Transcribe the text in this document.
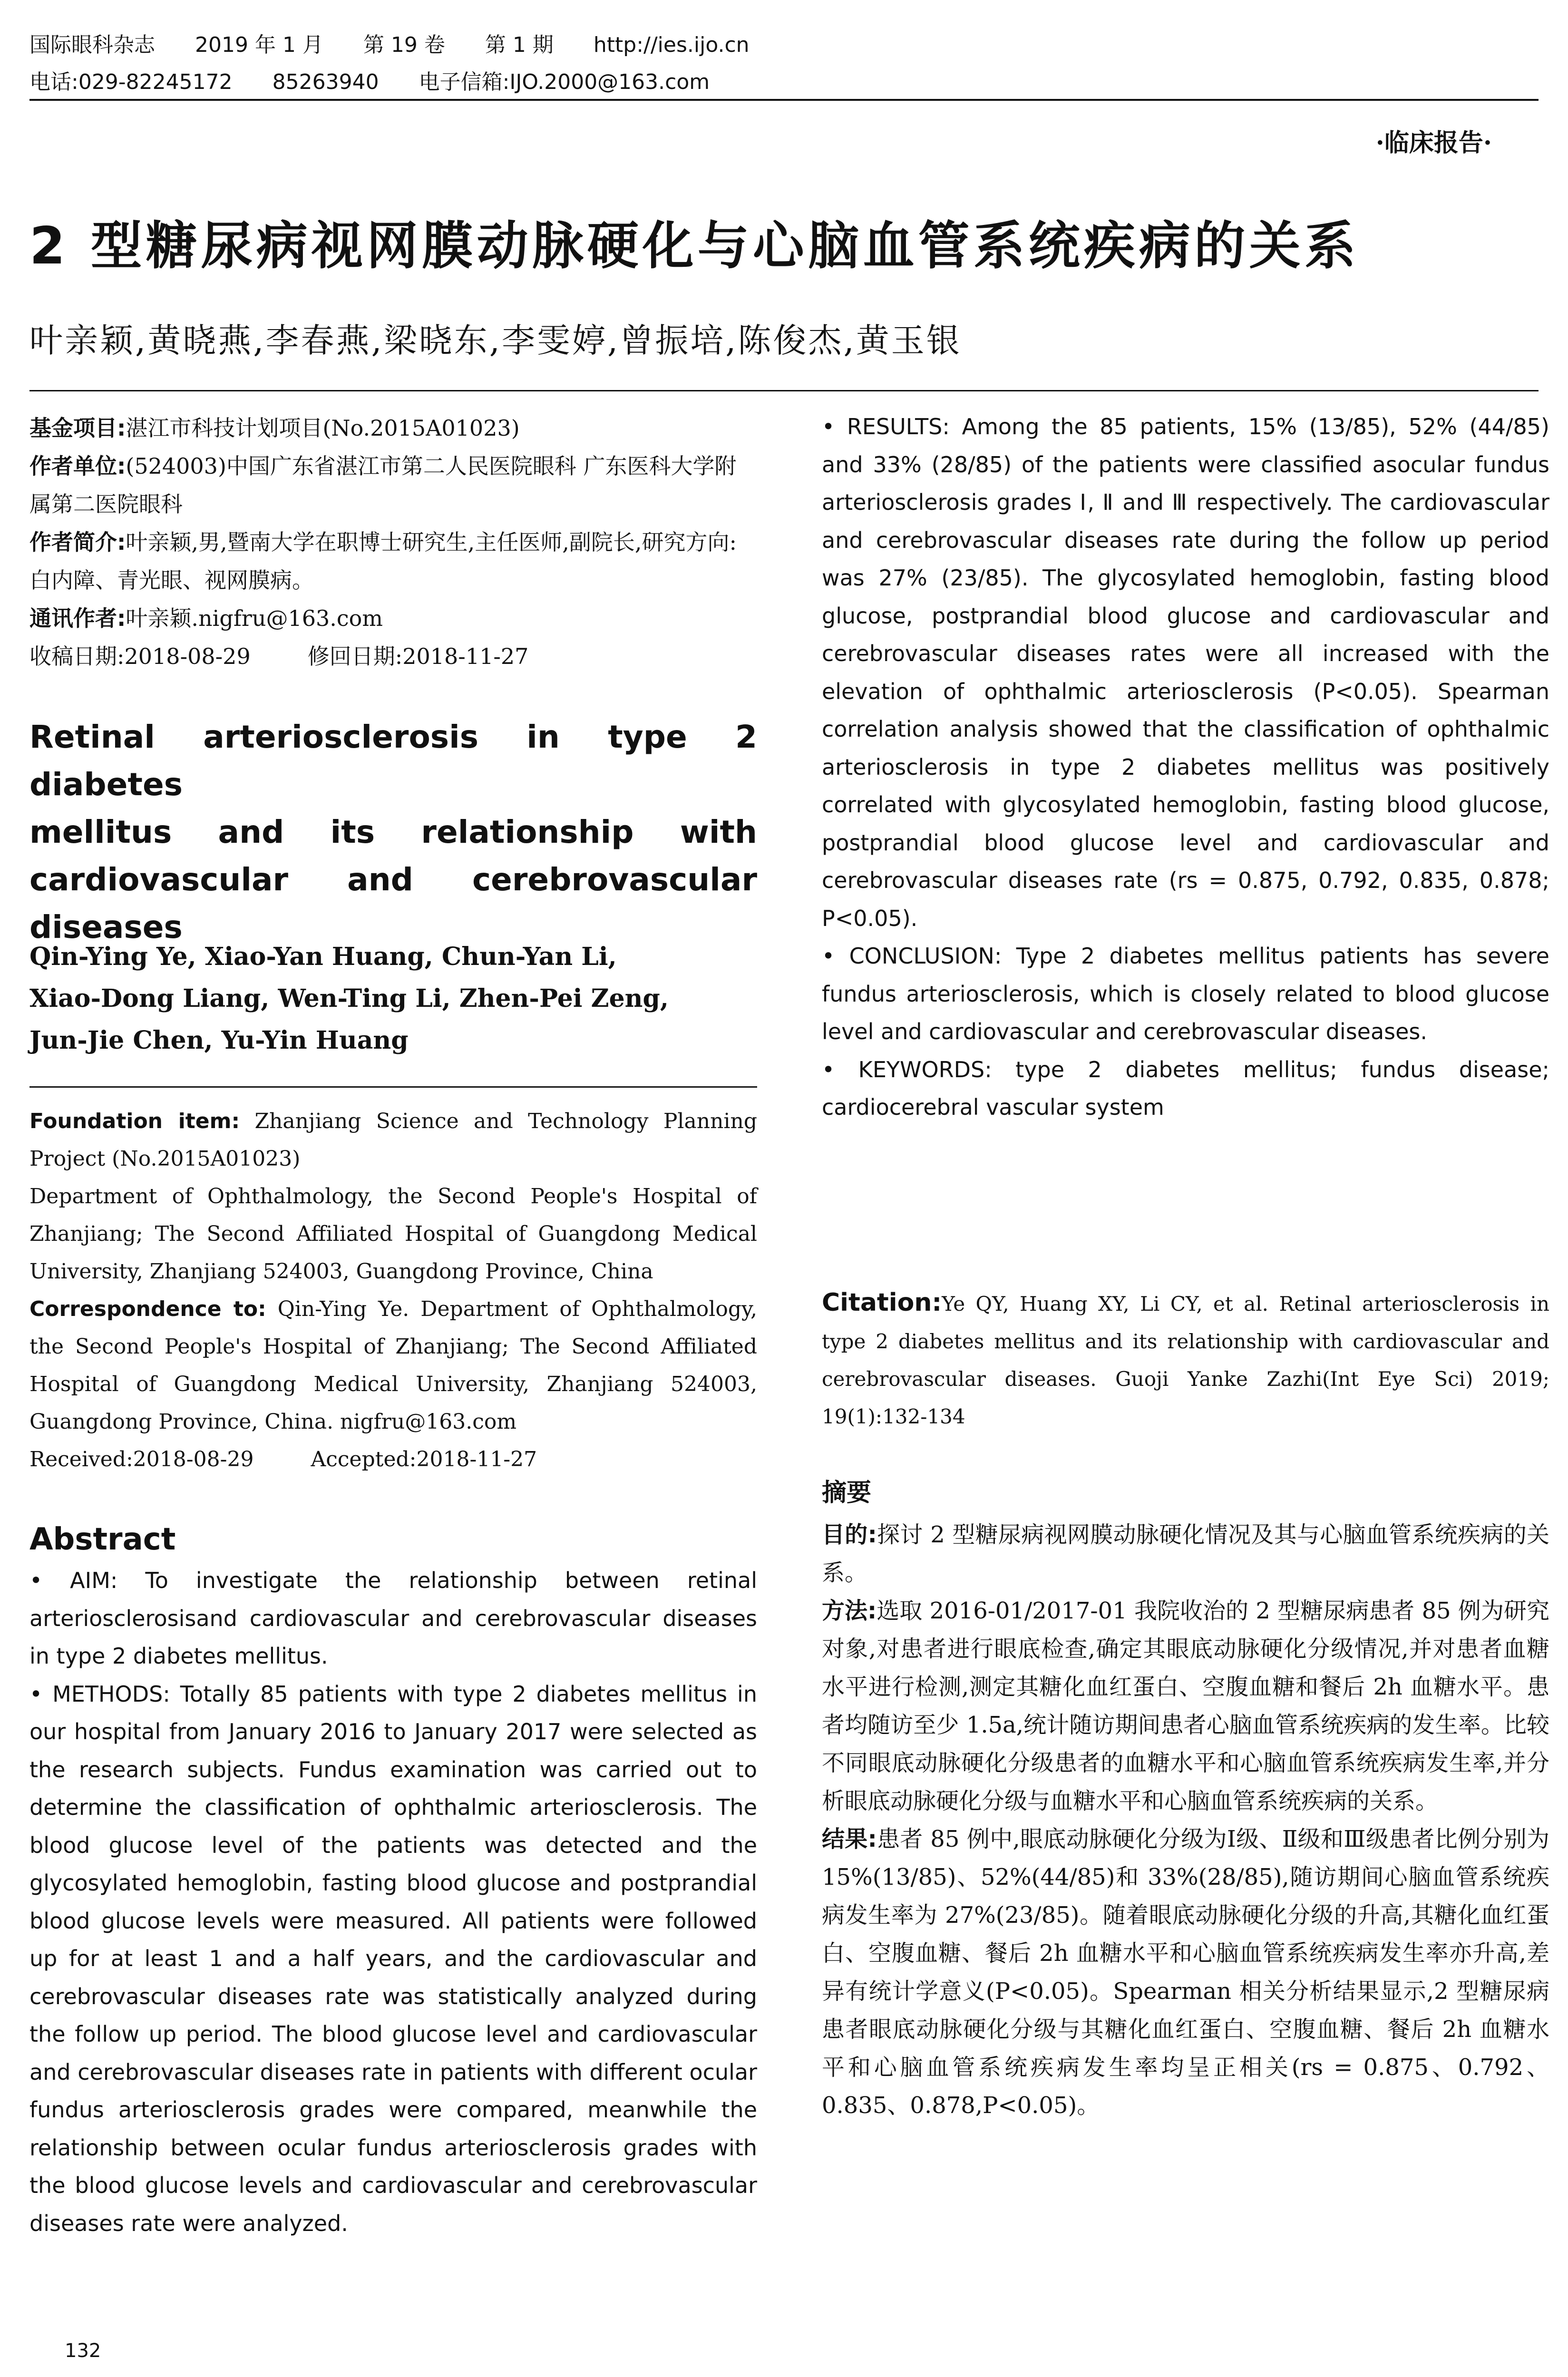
国际眼科杂志 2019 年 1 月 第 19 卷 第 1 期 http://ies.ijo.cn
电话:029-82245172 85263940 电子信箱:IJO.2000@163.com
·临床报告·
2 型糖尿病视网膜动脉硬化与心脑血管系统疾病的关系
叶亲颖,黄晓燕,李春燕,梁晓东,李雯婷,曾振培,陈俊杰,黄玉银

基金项目:湛江市科技计划项目(No.2015A01023)

作者单位:(524003)中国广东省湛江市第二人民医院眼科 广东医科大学附属第二医院眼科

作者简介:叶亲颖,男,暨南大学在职博士研究生,主任医师,副院长,研究方向:白内障、青光眼、视网膜病。

通讯作者:叶亲颖.nigfru@163.com

收稿日期:2018-08-29	修回日期:2018-11-27

Retinal arteriosclerosis in type 2 diabetes

mellitus and its relationship with

cardiovascular and cerebrovascular

diseases

Qin-Ying Ye, Xiao-Yan Huang, Chun-Yan Li,

Xiao-Dong Liang, Wen-Ting Li, Zhen-Pei Zeng,

Jun-Jie Chen, Yu-Yin Huang

Foundation item: Zhanjiang Science and Technology Planning Project (No.2015A01023)

Department of Ophthalmology, the Second People's Hospital of Zhanjiang; The Second Affiliated Hospital of Guangdong Medical University, Zhanjiang 524003, Guangdong Province, China

Correspondence to: Qin-Ying Ye. Department of Ophthalmology, the Second People's Hospital of Zhanjiang; The Second Affiliated Hospital of Guangdong Medical University, Zhanjiang 524003, Guangdong Province, China. nigfru@163.com

Received:2018-08-29	Accepted:2018-11-27

Abstract

• AIM: To investigate the relationship between retinal arteriosclerosisand cardiovascular and cerebrovascular diseases in type 2 diabetes mellitus.

• METHODS: Totally 85 patients with type 2 diabetes mellitus in our hospital from January 2016 to January 2017 were selected as the research subjects. Fundus examination was carried out to determine the classification of ophthalmic arteriosclerosis. The blood glucose level of the patients was detected and the glycosylated hemoglobin, fasting blood glucose and postprandial blood glucose levels were measured. All patients were followed up for at least 1 and a half years, and the cardiovascular and cerebrovascular diseases rate was statistically analyzed during the follow up period. The blood glucose level and cardiovascular and cerebrovascular diseases rate in patients with different ocular fundus arteriosclerosis grades were compared, meanwhile the relationship between ocular fundus arteriosclerosis grades with the blood glucose levels and cardiovascular and cerebrovascular diseases rate were analyzed.

• RESULTS: Among the 85 patients, 15% (13/85), 52% (44/85) and 33% (28/85) of the patients were classified asocular fundus arteriosclerosis grades Ⅰ, Ⅱ and Ⅲ respectively. The cardiovascular and cerebrovascular diseases rate during the follow up period was 27% (23/85). The glycosylated hemoglobin, fasting blood glucose, postprandial blood glucose and cardiovascular and cerebrovascular diseases rates were all increased with the elevation of ophthalmic arteriosclerosis (P<0.05). Spearman correlation analysis showed that the classification of ophthalmic arteriosclerosis in type 2 diabetes mellitus was positively correlated with glycosylated hemoglobin, fasting blood glucose, postprandial blood glucose level and cardiovascular and cerebrovascular diseases rate (rs = 0.875, 0.792, 0.835, 0.878; P<0.05).

• CONCLUSION: Type 2 diabetes mellitus patients has severe fundus arteriosclerosis, which is closely related to blood glucose level and cardiovascular and cerebrovascular diseases.

• KEYWORDS: type 2 diabetes mellitus; fundus disease; cardiocerebral vascular system

Citation:Ye QY, Huang XY, Li CY, et al. Retinal arteriosclerosis in type 2 diabetes mellitus and its relationship with cardiovascular and cerebrovascular diseases. Guoji Yanke Zazhi(Int Eye Sci) 2019; 19(1):132-134

摘要

目的:探讨 2 型糖尿病视网膜动脉硬化情况及其与心脑血管系统疾病的关系。

方法:选取 2016-01/2017-01 我院收治的 2 型糖尿病患者 85 例为研究对象,对患者进行眼底检查,确定其眼底动脉硬化分级情况,并对患者血糖水平进行检测,测定其糖化血红蛋白、空腹血糖和餐后 2h 血糖水平。患者均随访至少 1.5a,统计随访期间患者心脑血管系统疾病的发生率。比较不同眼底动脉硬化分级患者的血糖水平和心脑血管系统疾病发生率,并分析眼底动脉硬化分级与血糖水平和心脑血管系统疾病的关系。

结果:患者 85 例中,眼底动脉硬化分级为Ⅰ级、Ⅱ级和Ⅲ级患者比例分别为 15%(13/85)、52%(44/85)和 33%(28/85),随访期间心脑血管系统疾病发生率为 27%(23/85)。随着眼底动脉硬化分级的升高,其糖化血红蛋白、空腹血糖、餐后 2h 血糖水平和心脑血管系统疾病发生率亦升高,差异有统计学意义(P<0.05)。Spearman 相关分析结果显示,2 型糖尿病患者眼底动脉硬化分级与其糖化血红蛋白、空腹血糖、餐后 2h 血糖水平和心脑血管系统疾病发生率均呈正相关(rs = 0.875、0.792、0.835、0.878,P<0.05)。

132
